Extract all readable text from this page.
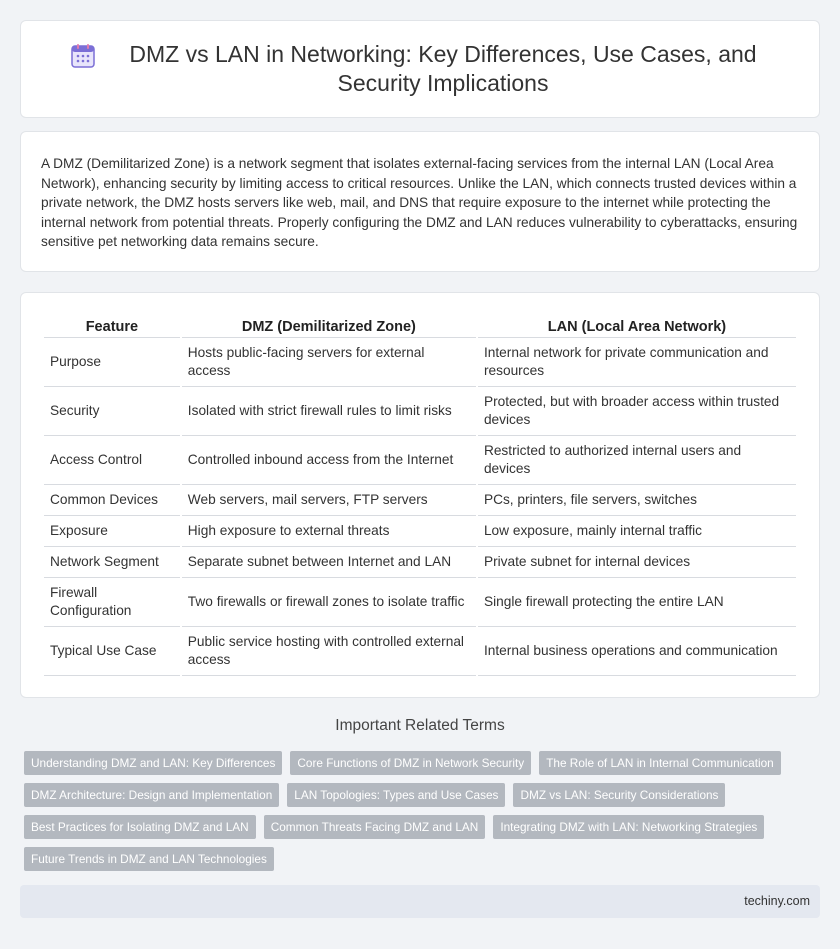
DMZ vs LAN in Networking: Key Differences, Use Cases, and Security Implications
A DMZ (Demilitarized Zone) is a network segment that isolates external-facing services from the internal LAN (Local Area Network), enhancing security by limiting access to critical resources. Unlike the LAN, which connects trusted devices within a private network, the DMZ hosts servers like web, mail, and DNS that require exposure to the internet while protecting the internal network from potential threats. Properly configuring the DMZ and LAN reduces vulnerability to cyberattacks, ensuring sensitive pet networking data remains secure.
Feature	DMZ (Demilitarized Zone)	LAN (Local Area Network)
Purpose	Hosts public-facing servers for external access	Internal network for private communication and resources
Security	Isolated with strict firewall rules to limit risks	Protected, but with broader access within trusted devices
Access Control	Controlled inbound access from the Internet	Restricted to authorized internal users and devices
Common Devices	Web servers, mail servers, FTP servers	PCs, printers, file servers, switches
Exposure	High exposure to external threats	Low exposure, mainly internal traffic
Network Segment	Separate subnet between Internet and LAN	Private subnet for internal devices
Firewall Configuration	Two firewalls or firewall zones to isolate traffic	Single firewall protecting the entire LAN
Typical Use Case	Public service hosting with controlled external access	Internal business operations and communication
Important Related Terms
Understanding DMZ and LAN: Key Differences	Core Functions of DMZ in Network Security	The Role of LAN in Internal Communication
DMZ Architecture: Design and Implementation	LAN Topologies: Types and Use Cases	DMZ vs LAN: Security Considerations
Best Practices for Isolating DMZ and LAN	Common Threats Facing DMZ and LAN	Integrating DMZ with LAN: Networking Strategies
Future Trends in DMZ and LAN Technologies
techiny.com
